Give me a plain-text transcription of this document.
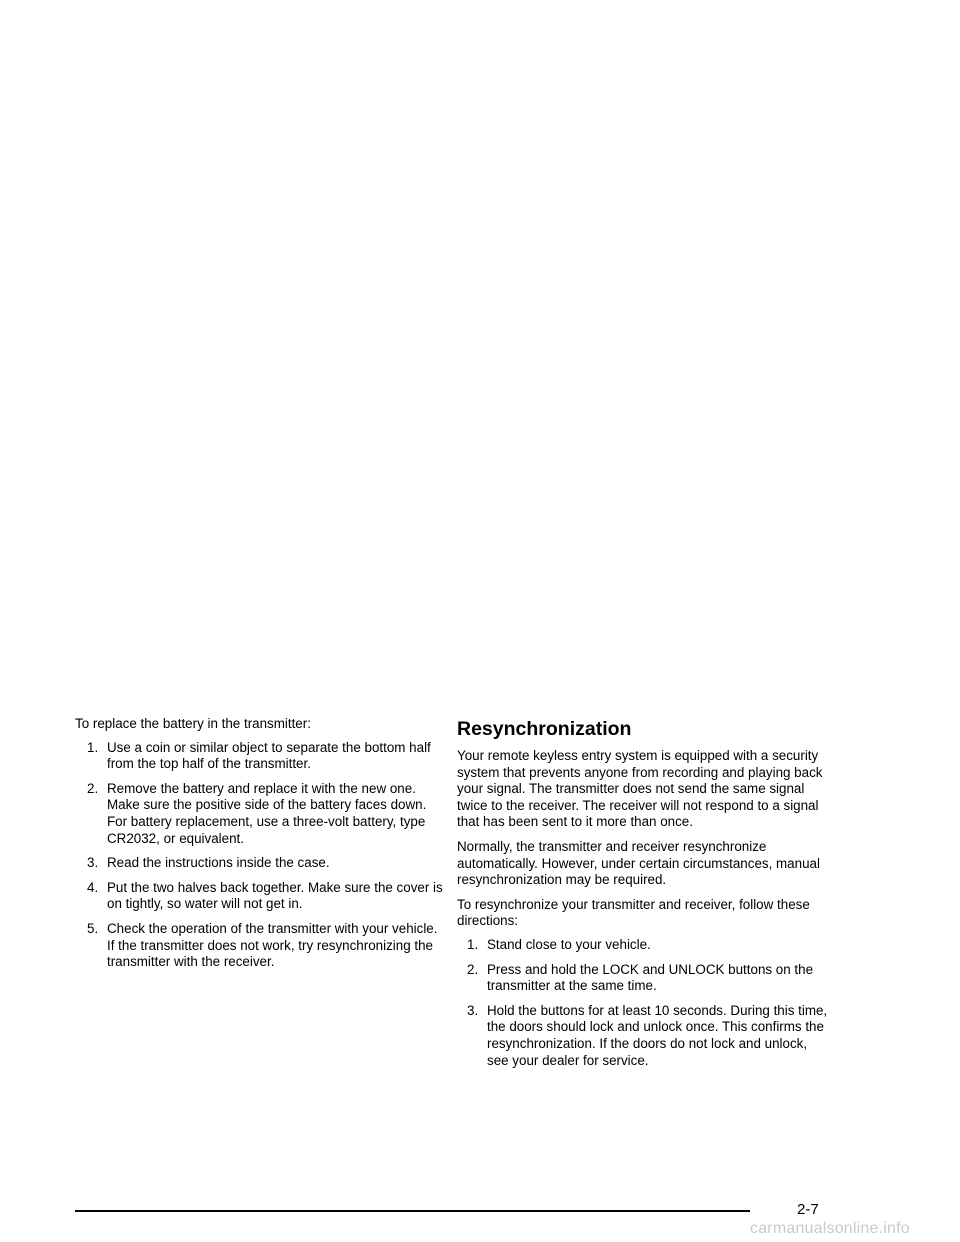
To replace the battery in the transmitter:

1. Use a coin or similar object to separate the bottom half from the top half of the transmitter.
2. Remove the battery and replace it with the new one. Make sure the positive side of the battery faces down. For battery replacement, use a three-volt battery, type CR2032, or equivalent.
3. Read the instructions inside the case.
4. Put the two halves back together. Make sure the cover is on tightly, so water will not get in.
5. Check the operation of the transmitter with your vehicle. If the transmitter does not work, try resynchronizing the transmitter with the receiver.
Resynchronization

Your remote keyless entry system is equipped with a security system that prevents anyone from recording and playing back your signal. The transmitter does not send the same signal twice to the receiver. The receiver will not respond to a signal that has been sent to it more than once.

Normally, the transmitter and receiver resynchronize automatically. However, under certain circumstances, manual resynchronization may be required.

To resynchronize your transmitter and receiver, follow these directions:

1. Stand close to your vehicle.
2. Press and hold the LOCK and UNLOCK buttons on the transmitter at the same time.
3. Hold the buttons for at least 10 seconds. During this time, the doors should lock and unlock once. This confirms the resynchronization. If the doors do not lock and unlock, see your dealer for service.
2-7
carmanualsonline.info
